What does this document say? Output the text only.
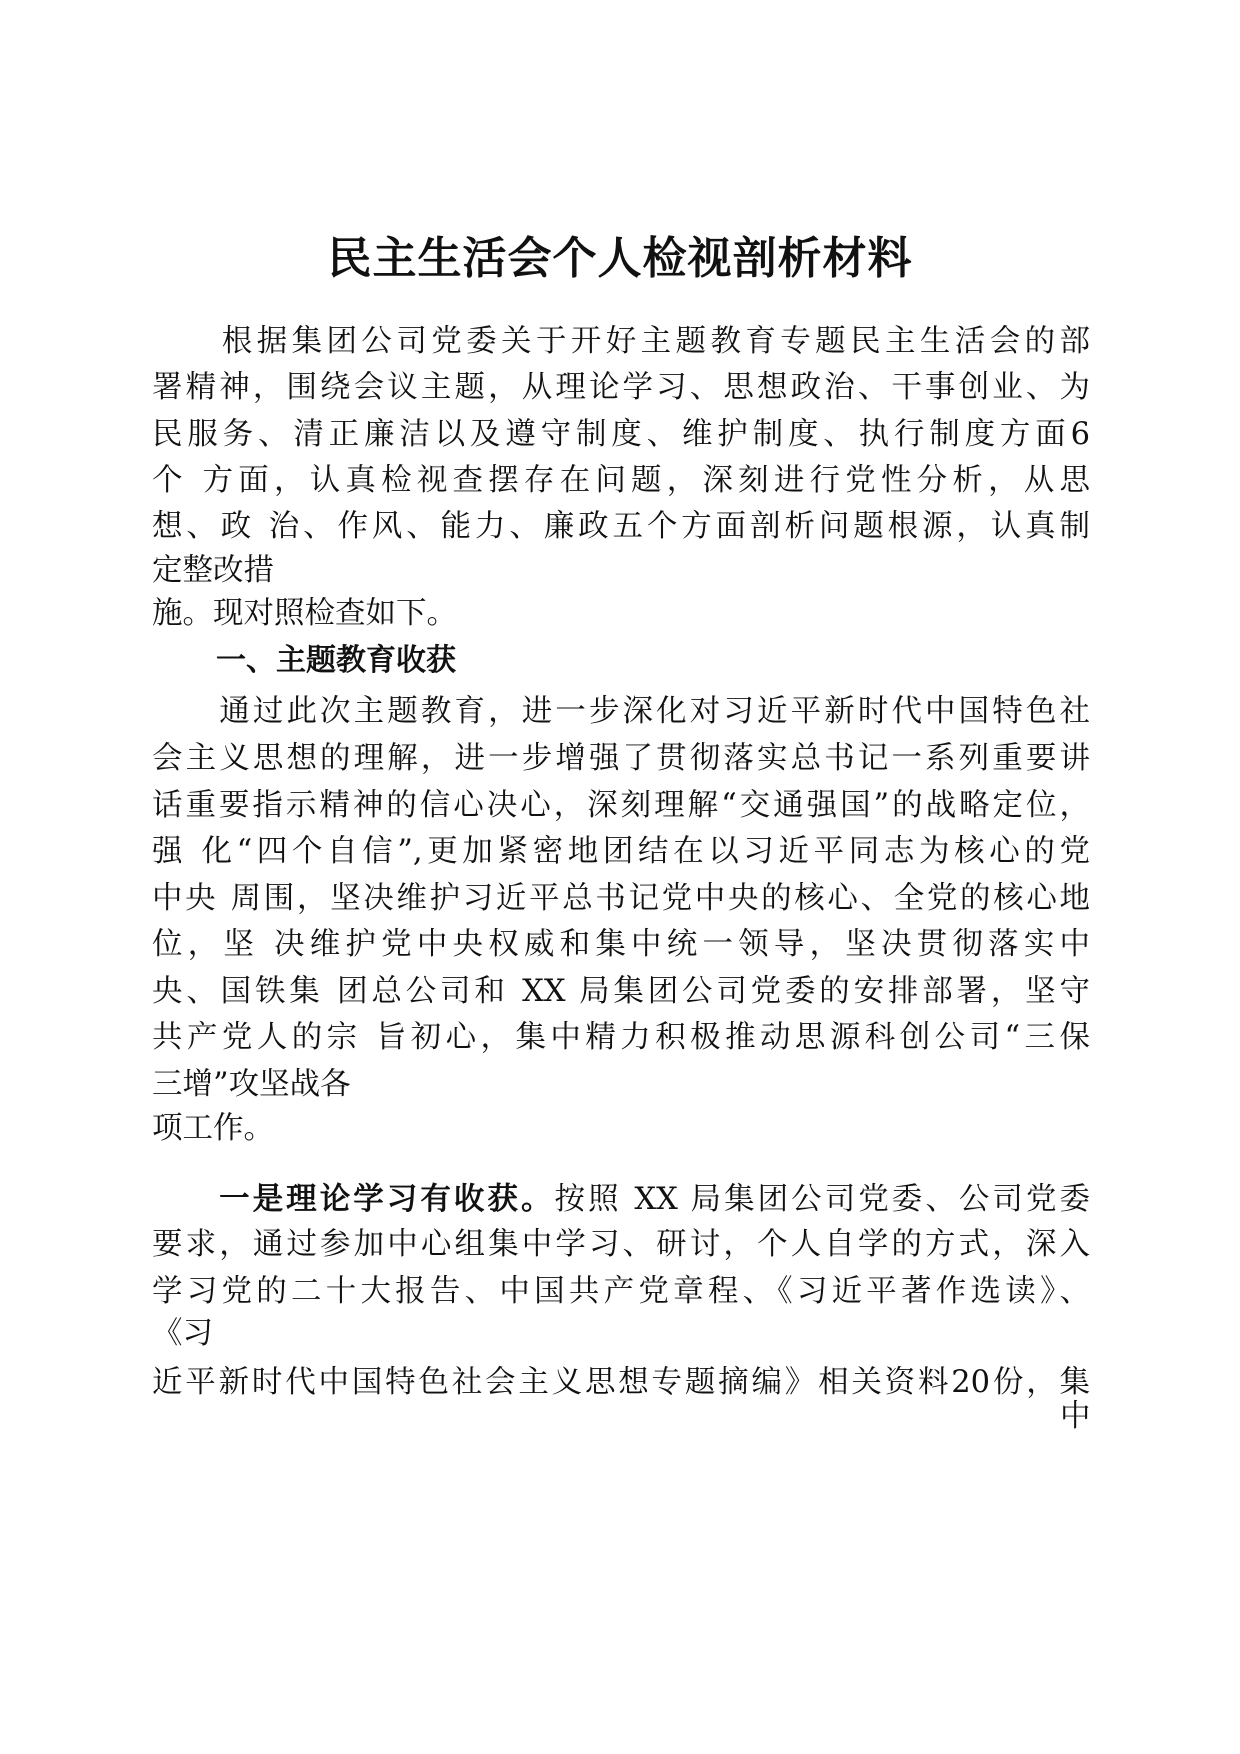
民主生活会个人检视剖析材料
　　根据集团公司党委关于开好主题教育专题民主生活会的部
署精神，围绕会议主题，从理论学习、思想政治、干事创业、为
民服务、清正廉洁以及遵守制度、维护制度、执行制度方面6
个 方面，认真检视查摆存在问题，深刻进行党性分析，从思
想、政 治、作风、能力、廉政五个方面剖析问题根源，认真制
定整改措
施。现对照检查如下。
一、主题教育收获
　　通过此次主题教育，进一步深化对习近平新时代中国特色社
会主义思想的理解，进一步增强了贯彻落实总书记一系列重要讲
话重要指示精神的信心决心，深刻理解“交通强国”的战略定位，
强 化“四个自信”,更加紧密地团结在以习近平同志为核心的党
中央 周围，坚决维护习近平总书记党中央的核心、全党的核心地
位，坚 决维护党中央权威和集中统一领导，坚决贯彻落实中
央、国铁集 团总公司和 XX 局集团公司党委的安排部署，坚守
共产党人的宗 旨初心，集中精力积极推动思源科创公司“三保
三增”攻坚战各
项工作。
　　一是理论学习有收获。按照 XX 局集团公司党委、公司党委
要求，通过参加中心组集中学习、研讨，个人自学的方式，深入
学习党的二十大报告、中国共产党章程、《习近平著作选读》、
《习
近平新时代中国特色社会主义思想专题摘编》相关资料20份，集
中
